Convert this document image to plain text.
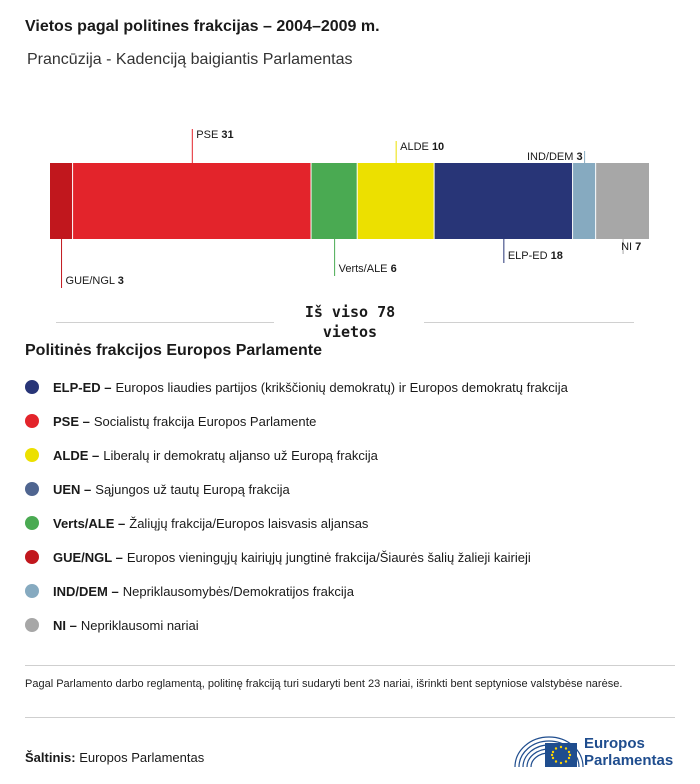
Vietos pagal politines frakcijas – 2004–2009 m.
Prancūzija - Kadenciją baigiantis Parlamentas
GUE/NGL 3
PSE 31
Verts/ALE 6
ALDE 10
ELP-ED 18
IND/DEM 3
NI 7
Iš viso 78 vietos
Politinės frakcijos Europos Parlamente
ELP-ED – Europos liaudies partijos (krikščionių demokratų) ir Europos demokratų frakcija
PSE – Socialistų frakcija Europos Parlamente
ALDE – Liberalų ir demokratų aljanso už Europą frakcija
UEN – Sąjungos už tautų Europą frakcija
Verts/ALE – Žaliųjų frakcija/Europos laisvasis aljansas
GUE/NGL – Europos vieningųjų kairiųjų jungtinė frakcija/Šiaurės šalių žalieji kairieji
IND/DEM – Nepriklausomybės/Demokratijos frakcija
NI – Nepriklausomi nariai
Pagal Parlamento darbo reglamentą, politinę frakciją turi sudaryti bent 23 nariai, išrinkti bent septyniose valstybėse narėse.
Šaltinis: Europos Parlamentas
Europos
Parlamentas
